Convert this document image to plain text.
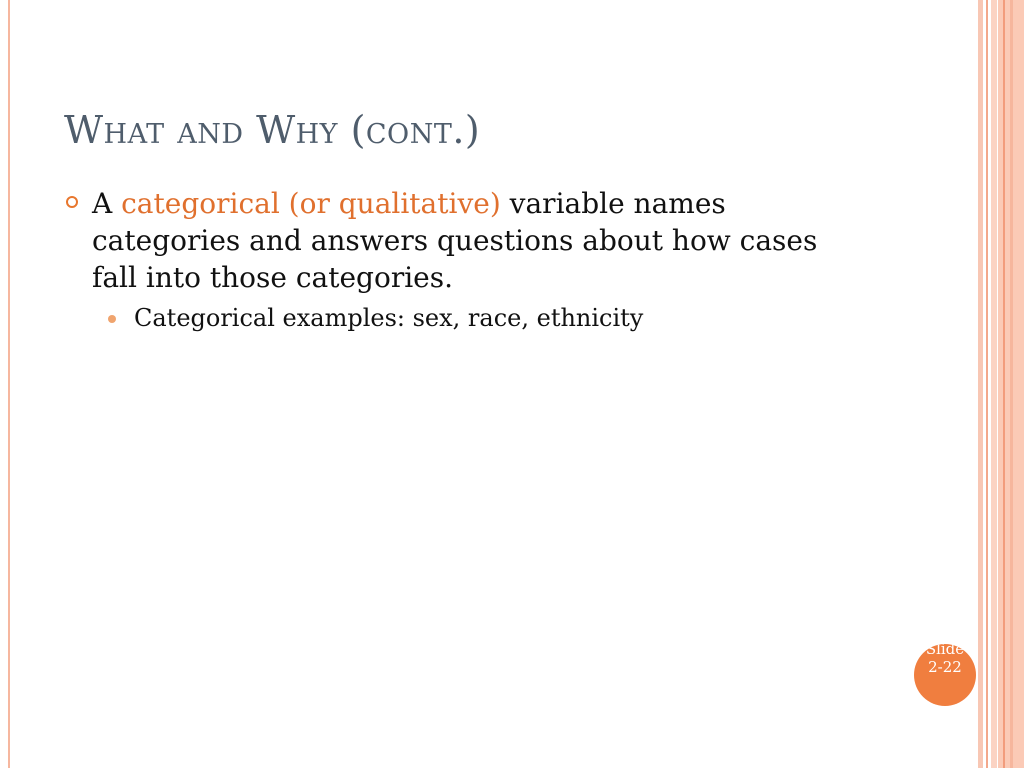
What and Why (cont.)
A categorical (or qualitative) variable names categories and answers questions about how cases fall into those categories.
Categorical examples: sex, race, ethnicity
Slide 2-22
